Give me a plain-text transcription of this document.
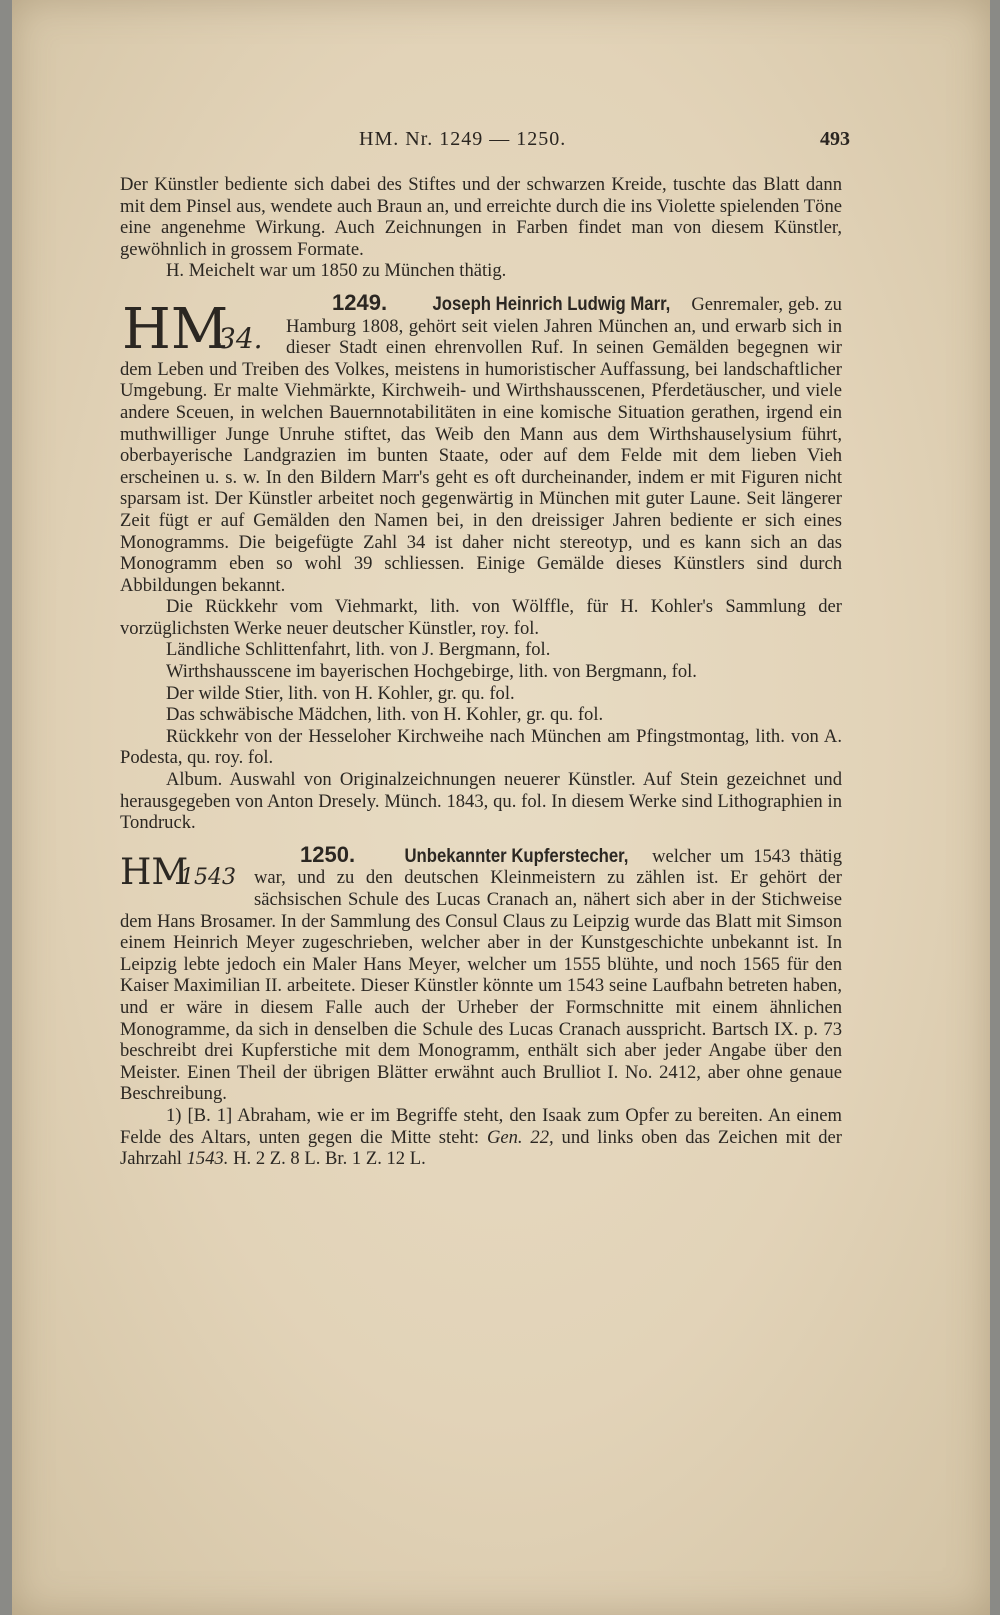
HM. Nr. 1249 — 1250.	493

Der Künstler bediente sich dabei des Stiftes und der schwarzen Kreide, tuschte das Blatt dann mit dem Pinsel aus, wendete auch Braun an, und erreichte durch die ins Violette spielenden Töne eine angenehme Wirkung. Auch Zeichnungen in Farben findet man von diesem Künstler, gewöhnlich in grossem Formate.

H. Meichelt war um 1850 zu München thätig.

1249. Joseph Heinrich Ludwig Marr,
HM
34.
Genremaler, geb. zu Hamburg 1808, gehört seit vielen Jahren München an, und erwarb sich in dieser Stadt einen ehrenvollen Ruf. In seinen Gemälden begegnen wir dem Leben und Treiben des Volkes, meistens in humoristischer Auffassung, bei landschaftlicher Umgebung. Er malte Viehmärkte, Kirchweih- und Wirthshausscenen, Pferdetäuscher, und viele andere Sceuen, in welchen Bauernnotabilitäten in eine komische Situation gerathen, irgend ein muthwilliger Junge Unruhe stiftet, das Weib den Mann aus dem Wirthshauselysium führt, oberbayerische Landgrazien im bunten Staate, oder auf dem Felde mit dem lieben Vieh erscheinen u. s. w. In den Bildern Marr's geht es oft durcheinander, indem er mit Figuren nicht sparsam ist. Der Künstler arbeitet noch gegenwärtig in München mit guter Laune. Seit längerer Zeit fügt er auf Gemälden den Namen bei, in den dreissiger Jahren bediente er sich eines Monogramms. Die beigefügte Zahl 34 ist daher nicht stereotyp, und es kann sich an das Monogramm eben so wohl 39 schliessen. Einige Gemälde dieses Künstlers sind durch Abbildungen bekannt.

Die Rückkehr vom Viehmarkt, lith. von Wölffle, für H. Kohler's Sammlung der vorzüglichsten Werke neuer deutscher Künstler, roy. fol.

Ländliche Schlittenfahrt, lith. von J. Bergmann, fol.

Wirthshausscene im bayerischen Hochgebirge, lith. von Bergmann, fol.

Der wilde Stier, lith. von H. Kohler, gr. qu. fol.

Das schwäbische Mädchen, lith. von H. Kohler, gr. qu. fol.

Rückkehr von der Hesseloher Kirchweihe nach München am Pfingstmontag, lith. von A. Podesta, qu. roy. fol.

Album. Auswahl von Originalzeichnungen neuerer Künstler. Auf Stein gezeichnet und herausgegeben von Anton Dresely. Münch. 1843, qu. fol. In diesem Werke sind Lithographien in Tondruck.

1250.	Unbekannter Kupferstecher,
HM
1543
welcher um 1543 thätig war, und zu den deutschen Kleinmeistern zu zählen ist. Er gehört der sächsischen Schule des Lucas Cranach an, nähert sich aber in der Stichweise dem Hans Brosamer. In der Sammlung des Consul Claus zu Leipzig wurde das Blatt mit Simson einem Heinrich Meyer zugeschrieben, welcher aber in der Kunstgeschichte unbekannt ist. In Leipzig lebte jedoch ein Maler Hans Meyer, welcher um 1555 blühte, und noch 1565 für den Kaiser Maximilian II. arbeitete. Dieser Künstler könnte um 1543 seine Laufbahn betreten haben, und er wäre in diesem Falle auch der Urheber der Formschnitte mit einem ähnlichen Monogramme, da sich in denselben die Schule des Lucas Cranach ausspricht. Bartsch IX. p. 73 beschreibt drei Kupferstiche mit dem Monogramm, enthält sich aber jeder Angabe über den Meister. Einen Theil der übrigen Blätter erwähnt auch Brulliot I. No. 2412, aber ohne genaue Beschreibung.

1) [B. 1] Abraham, wie er im Begriffe steht, den Isaak zum Opfer zu bereiten. An einem Felde des Altars, unten gegen die Mitte steht: Gen. 22, und links oben das Zeichen mit der Jahrzahl 1543. H. 2 Z. 8 L. Br. 1 Z. 12 L.
